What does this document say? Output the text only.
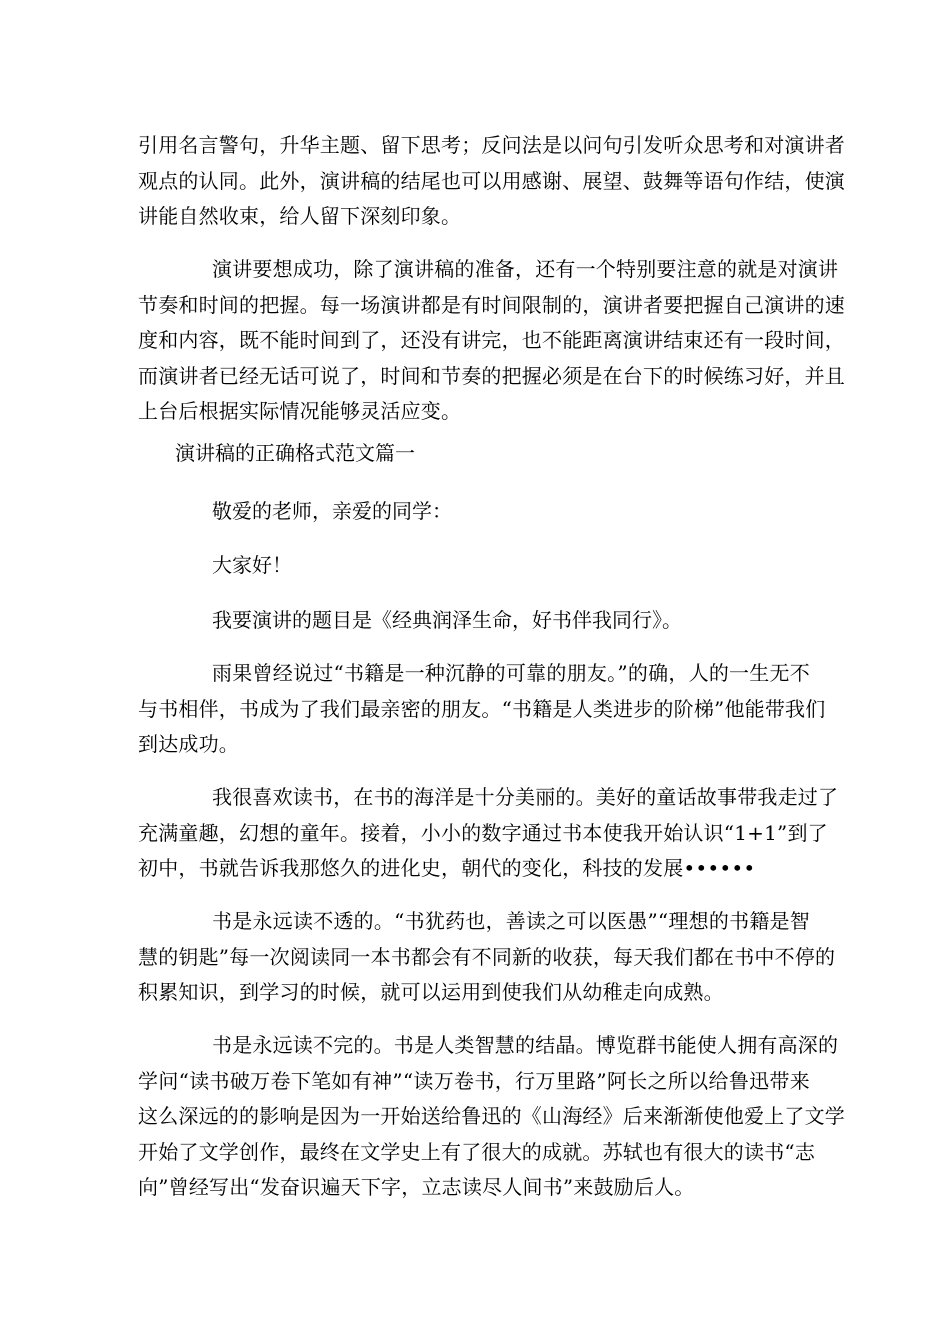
引用名言警句，升华主题、留下思考；反问法是以问句引发听众思考和对演讲者
观点的认同。此外，演讲稿的结尾也可以用感谢、展望、鼓舞等语句作结，使演
讲能自然收束，给人留下深刻印象。
演讲要想成功，除了演讲稿的准备，还有一个特别要注意的就是对演讲
节奏和时间的把握。每一场演讲都是有时间限制的，演讲者要把握自己演讲的速
度和内容，既不能时间到了，还没有讲完，也不能距离演讲结束还有一段时间，
而演讲者已经无话可说了，时间和节奏的把握必须是在台下的时候练习好，并且
上台后根据实际情况能够灵活应变。

演讲稿的正确格式范文篇一

敬爱的老师，亲爱的同学：

大家好！

我要演讲的题目是《经典润泽生命，好书伴我同行》。

雨果曾经说过“书籍是一种沉静的可靠的朋友。”的确，人的一生无不
与书相伴，书成为了我们最亲密的朋友。“书籍是人类进步的阶梯”他能带我们
到达成功。
我很喜欢读书，在书的海洋是十分美丽的。美好的童话故事带我走过了
充满童趣，幻想的童年。接着，小小的数字通过书本使我开始认识“1+1”到了
初中，书就告诉我那悠久的进化史，朝代的变化，科技的发展••••••
书是永远读不透的。“书犹药也，善读之可以医愚”“理想的书籍是智
慧的钥匙”每一次阅读同一本书都会有不同新的收获，每天我们都在书中不停的
积累知识，到学习的时候，就可以运用到使我们从幼稚走向成熟。
书是永远读不完的。书是人类智慧的结晶。博览群书能使人拥有高深的
学问“读书破万卷下笔如有神”“读万卷书，行万里路”阿长之所以给鲁迅带来
这么深远的的影响是因为一开始送给鲁迅的《山海经》后来渐渐使他爱上了文学
开始了文学创作，最终在文学史上有了很大的成就。苏轼也有很大的读书“志
向”曾经写出“发奋识遍天下字，立志读尽人间书”来鼓励后人。
